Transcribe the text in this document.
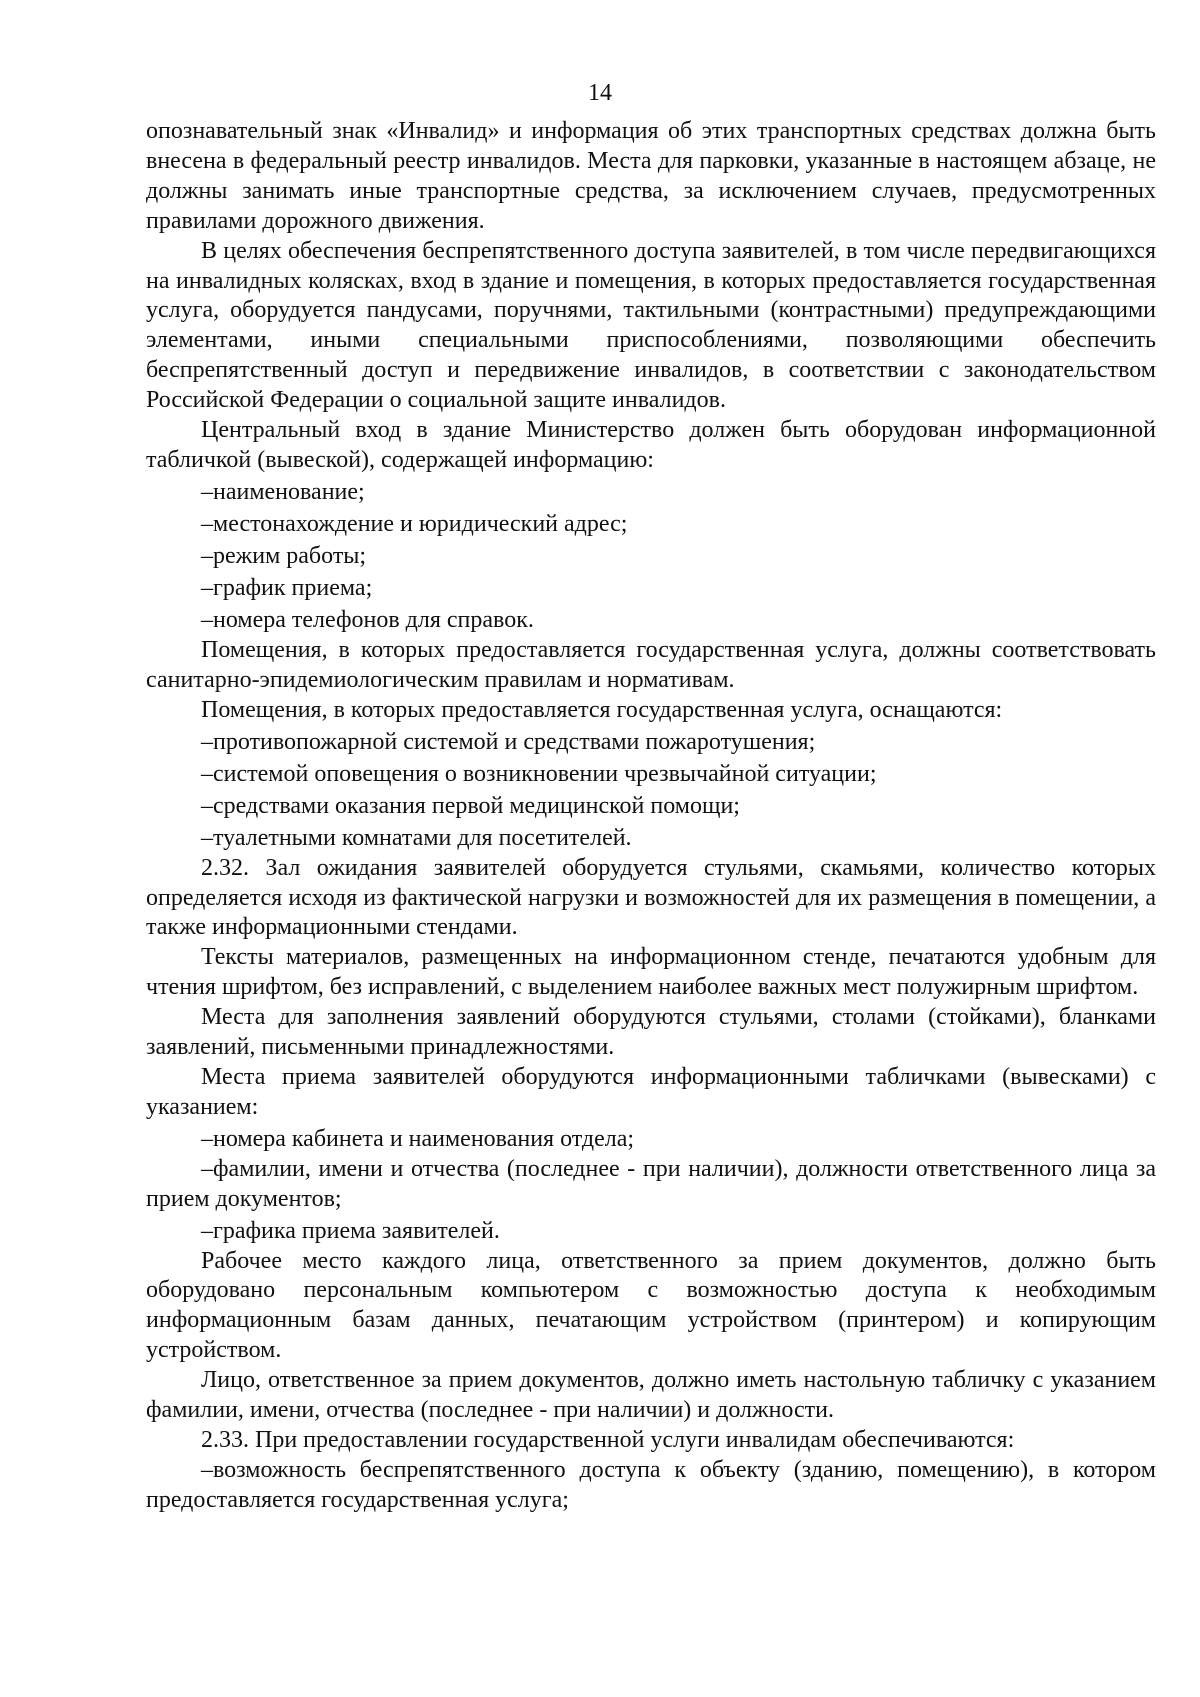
14

опознавательный знак «Инвалид» и информация об этих транспортных средствах должна быть внесена в федеральный реестр инвалидов. Места для парковки, указанные в настоящем абзаце, не должны занимать иные транспортные средства, за исключением случаев, предусмотренных правилами дорожного движения.

В целях обеспечения беспрепятственного доступа заявителей, в том числе передвигающихся на инвалидных колясках, вход в здание и помещения, в которых предоставляется государственная услуга, оборудуется пандусами, поручнями, тактильными (контрастными) предупреждающими элементами, иными специальными приспособлениями, позволяющими обеспечить беспрепятственный доступ и передвижение инвалидов, в соответствии с законодательством Российской Федерации о социальной защите инвалидов.

Центральный вход в здание Министерство должен быть оборудован информационной табличкой (вывеской), содержащей информацию:

–наименование;

–местонахождение и юридический адрес;

–режим работы;

–график приема;

–номера телефонов для справок.

Помещения, в которых предоставляется государственная услуга, должны соответствовать санитарно-эпидемиологическим правилам и нормативам.

Помещения, в которых предоставляется государственная услуга, оснащаются:

–противопожарной системой и средствами пожаротушения;

–системой оповещения о возникновении чрезвычайной ситуации;

–средствами оказания первой медицинской помощи;

–туалетными комнатами для посетителей.

2.32. Зал ожидания заявителей оборудуется стульями, скамьями, количество которых определяется исходя из фактической нагрузки и возможностей для их размещения в помещении, а также информационными стендами.

Тексты материалов, размещенных на информационном стенде, печатаются удобным для чтения шрифтом, без исправлений, с выделением наиболее важных мест полужирным шрифтом.

Места для заполнения заявлений оборудуются стульями, столами (стойками), бланками заявлений, письменными принадлежностями.

Места приема заявителей оборудуются информационными табличками (вывесками) с указанием:

–номера кабинета и наименования отдела;

–фамилии, имени и отчества (последнее - при наличии), должности ответственного лица за прием документов;

–графика приема заявителей.

Рабочее место каждого лица, ответственного за прием документов, должно быть оборудовано персональным компьютером с возможностью доступа к необходимым информационным базам данных, печатающим устройством (принтером) и копирующим устройством.

Лицо, ответственное за прием документов, должно иметь настольную табличку с указанием фамилии, имени, отчества (последнее - при наличии) и должности.

2.33. При предоставлении государственной услуги инвалидам обеспечиваются:

–возможность беспрепятственного доступа к объекту (зданию, помещению), в котором предоставляется государственная услуга;
